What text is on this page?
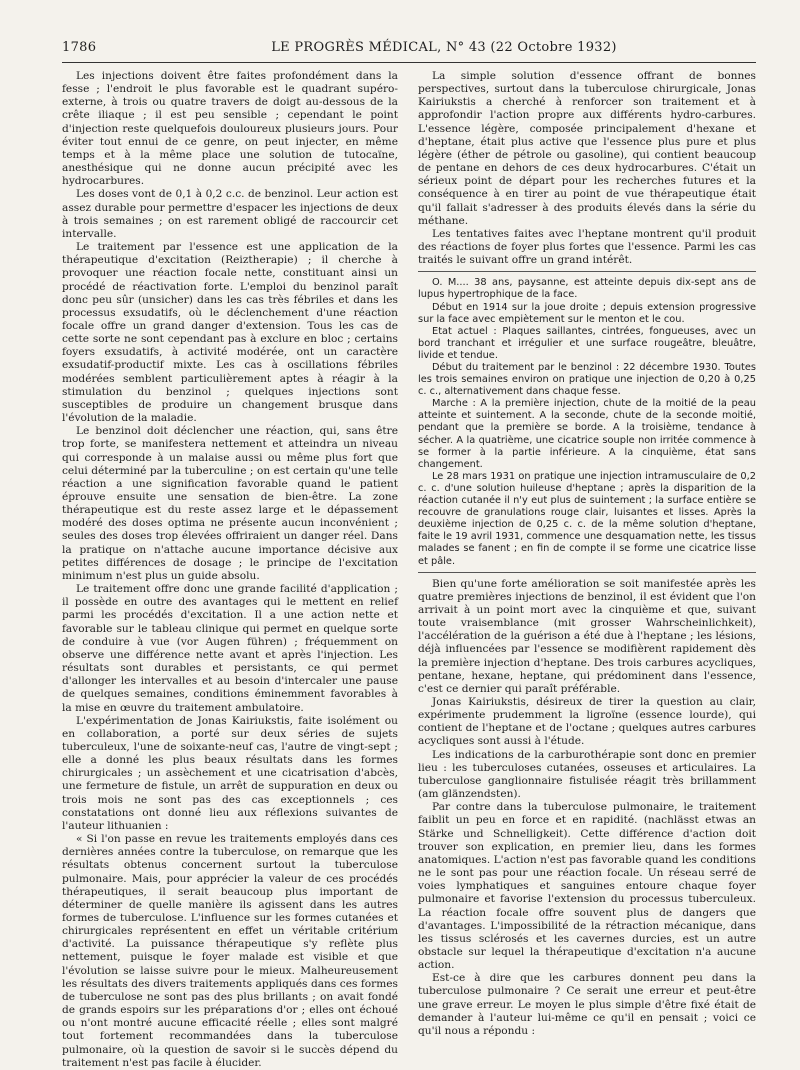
1786	LE PROGRÈS MÉDICAL, N° 43 (22 Octobre 1932)

Les injections doivent être faites profondément dans la fesse ; l'endroit le plus favorable est le quadrant supéro-externe, à trois ou quatre travers de doigt au-dessous de la crête iliaque ; il est peu sensible ; cependant le point d'injection reste quelquefois douloureux plusieurs jours. Pour éviter tout ennui de ce genre, on peut injecter, en même temps et à la même place une solution de tutocaïne, anesthésique qui ne donne aucun précipité avec les hydrocarbures.

Les doses vont de 0,1 à 0,2 c.c. de benzinol. Leur action est assez durable pour permettre d'espacer les injections de deux à trois semaines ; on est rarement obligé de raccourcir cet intervalle.

Le traitement par l'essence est une application de la thérapeutique d'excitation (Reiztherapie) ; il cherche à provoquer une réaction focale nette, constituant ainsi un procédé de réactivation forte. L'emploi du benzinol paraît donc peu sûr (unsicher) dans les cas très fébriles et dans les processus exsudatifs, où le déclenchement d'une réaction focale offre un grand danger d'extension. Tous les cas de cette sorte ne sont cependant pas à exclure en bloc ; certains foyers exsudatifs, à activité modérée, ont un caractère exsudatif-productif mixte. Les cas à oscillations fébriles modérées semblent particulièrement aptes à réagir à la stimulation du benzinol ; quelques injections sont susceptibles de produire un changement brusque dans l'évolution de la maladie.

Le benzinol doit déclencher une réaction, qui, sans être trop forte, se manifestera nettement et atteindra un niveau qui corresponde à un malaise aussi ou même plus fort que celui déterminé par la tuberculine ; on est certain qu'une telle réaction a une signification favorable quand le patient éprouve ensuite une sensation de bien-être. La zone thérapeutique est du reste assez large et le dépassement modéré des doses optima ne présente aucun inconvénient ; seules des doses trop élevées offriraient un danger réel. Dans la pratique on n'attache aucune importance décisive aux petites différences de dosage ; le principe de l'excitation minimum n'est plus un guide absolu.

Le traitement offre donc une grande facilité d'application ; il possède en outre des avantages qui le mettent en relief parmi les procédés d'excitation. Il a une action nette et favorable sur le tableau clinique qui permet en quelque sorte de conduire à vue (vor Augen führen) ; fréquemment on observe une différence nette avant et après l'injection. Les résultats sont durables et persistants, ce qui permet d'allonger les intervalles et au besoin d'intercaler une pause de quelques semaines, conditions éminemment favorables à la mise en œuvre du traitement ambulatoire.

L'expérimentation de Jonas Kairiukstis, faite isolément ou en collaboration, a porté sur deux séries de sujets tuberculeux, l'une de soixante-neuf cas, l'autre de vingt-sept ; elle a donné les plus beaux résultats dans les formes chirurgicales ; un assèchement et une cicatrisation d'abcès, une fermeture de fistule, un arrêt de suppuration en deux ou trois mois ne sont pas des cas exceptionnels ; ces constatations ont donné lieu aux réflexions suivantes de l'auteur lithuanien :

« Si l'on passe en revue les traitements employés dans ces dernières années contre la tuberculose, on remarque que les résultats obtenus concernent surtout la tuberculose pulmonaire. Mais, pour apprécier la valeur de ces procédés thérapeutiques, il serait beaucoup plus important de déterminer de quelle manière ils agissent dans les autres formes de tuberculose. L'influence sur les formes cutanées et chirurgicales représentent en effet un véritable critérium d'activité. La puissance thérapeutique s'y reflète plus nettement, puisque le foyer malade est visible et que l'évolution se laisse suivre pour le mieux. Malheureusement les résultats des divers traitements appliqués dans ces formes de tuberculose ne sont pas des plus brillants ; on avait fondé de grands espoirs sur les préparations d'or ; elles ont échoué ou n'ont montré aucune efficacité réelle ; elles sont malgré tout fortement recommandées dans la tuberculose pulmonaire, où la question de savoir si le succès dépend du traitement n'est pas facile à élucider.

La simple solution d'essence offrant de bonnes perspectives, surtout dans la tuberculose chirurgicale, Jonas Kairiukstis a cherché à renforcer son traitement et à approfondir l'action propre aux différents hydro-carbures. L'essence légère, composée principalement d'hexane et d'heptane, était plus active que l'essence plus pure et plus légère (éther de pétrole ou gasoline), qui contient beaucoup de pentane en dehors de ces deux hydrocarbures. C'était un sérieux point de départ pour les recherches futures et la conséquence à en tirer au point de vue thérapeutique était qu'il fallait s'adresser à des produits élevés dans la série du méthane.

Les tentatives faites avec l'heptane montrent qu'il produit des réactions de foyer plus fortes que l'essence. Parmi les cas traités le suivant offre un grand intérêt.

O. M.... 38 ans, paysanne, est atteinte depuis dix-sept ans de lupus hypertrophique de la face.

Début en 1914 sur la joue droite ; depuis extension progressive sur la face avec empiètement sur le menton et le cou.

Etat actuel : Plaques saillantes, cintrées, fongueuses, avec un bord tranchant et irrégulier et une surface rougeâtre, bleuâtre, livide et tendue.

Début du traitement par le benzinol : 22 décembre 1930. Toutes les trois semaines environ on pratique une injection de 0,20 à 0,25 c. c., alternativement dans chaque fesse.

Marche : A la première injection, chute de la moitié de la peau atteinte et suintement. A la seconde, chute de la seconde moitié, pendant que la première se borde. A la troisième, tendance à sécher. A la quatrième, une cicatrice souple non irritée commence à se former à la partie inférieure. A la cinquième, état sans changement.

Le 28 mars 1931 on pratique une injection intramusculaire de 0,2 c. c. d'une solution huileuse d'heptane ; après la disparition de la réaction cutanée il n'y eut plus de suintement ; la surface entière se recouvre de granulations rouge clair, luisantes et lisses. Après la deuxième injection de 0,25 c. c. de la même solution d'heptane, faite le 19 avril 1931, commence une desquamation nette, les tissus malades se fanent ; en fin de compte il se forme une cicatrice lisse et pâle.

Bien qu'une forte amélioration se soit manifestée après les quatre premières injections de benzinol, il est évident que l'on arrivait à un point mort avec la cinquième et que, suivant toute vraisemblance (mit grosser Wahrscheinlichkeit), l'accélération de la guérison a été due à l'heptane ; les lésions, déjà influencées par l'essence se modifièrent rapidement dès la première injection d'heptane. Des trois carbures acycliques, pentane, hexane, heptane, qui prédominent dans l'essence, c'est ce dernier qui paraît préférable.

Jonas Kairiukstis, désireux de tirer la question au clair, expérimente prudemment la ligroïne (essence lourde), qui contient de l'heptane et de l'octane ; quelques autres carbures acycliques sont aussi à l'étude.

Les indications de la carburothérapie sont donc en premier lieu : les tuberculoses cutanées, osseuses et articulaires. La tuberculose ganglionnaire fistulisée réagit très brillamment (am glänzendsten).

Par contre dans la tuberculose pulmonaire, le traitement faiblit un peu en force et en rapidité. (nachlässt etwas an Stärke und Schnelligkeit). Cette différence d'action doit trouver son explication, en premier lieu, dans les formes anatomiques. L'action n'est pas favorable quand les conditions ne le sont pas pour une réaction focale. Un réseau serré de voies lymphatiques et sanguines entoure chaque foyer pulmonaire et favorise l'extension du processus tuberculeux. La réaction focale offre souvent plus de dangers que d'avantages. L'impossibilité de la rétraction mécanique, dans les tissus sclérosés et les cavernes durcies, est un autre obstacle sur lequel la thérapeutique d'excitation n'a aucune action.

Est-ce à dire que les carbures donnent peu dans la tuberculose pulmonaire ? Ce serait une erreur et peut-être une grave erreur. Le moyen le plus simple d'être fixé était de demander à l'auteur lui-même ce qu'il en pensait ; voici ce qu'il nous a répondu :
